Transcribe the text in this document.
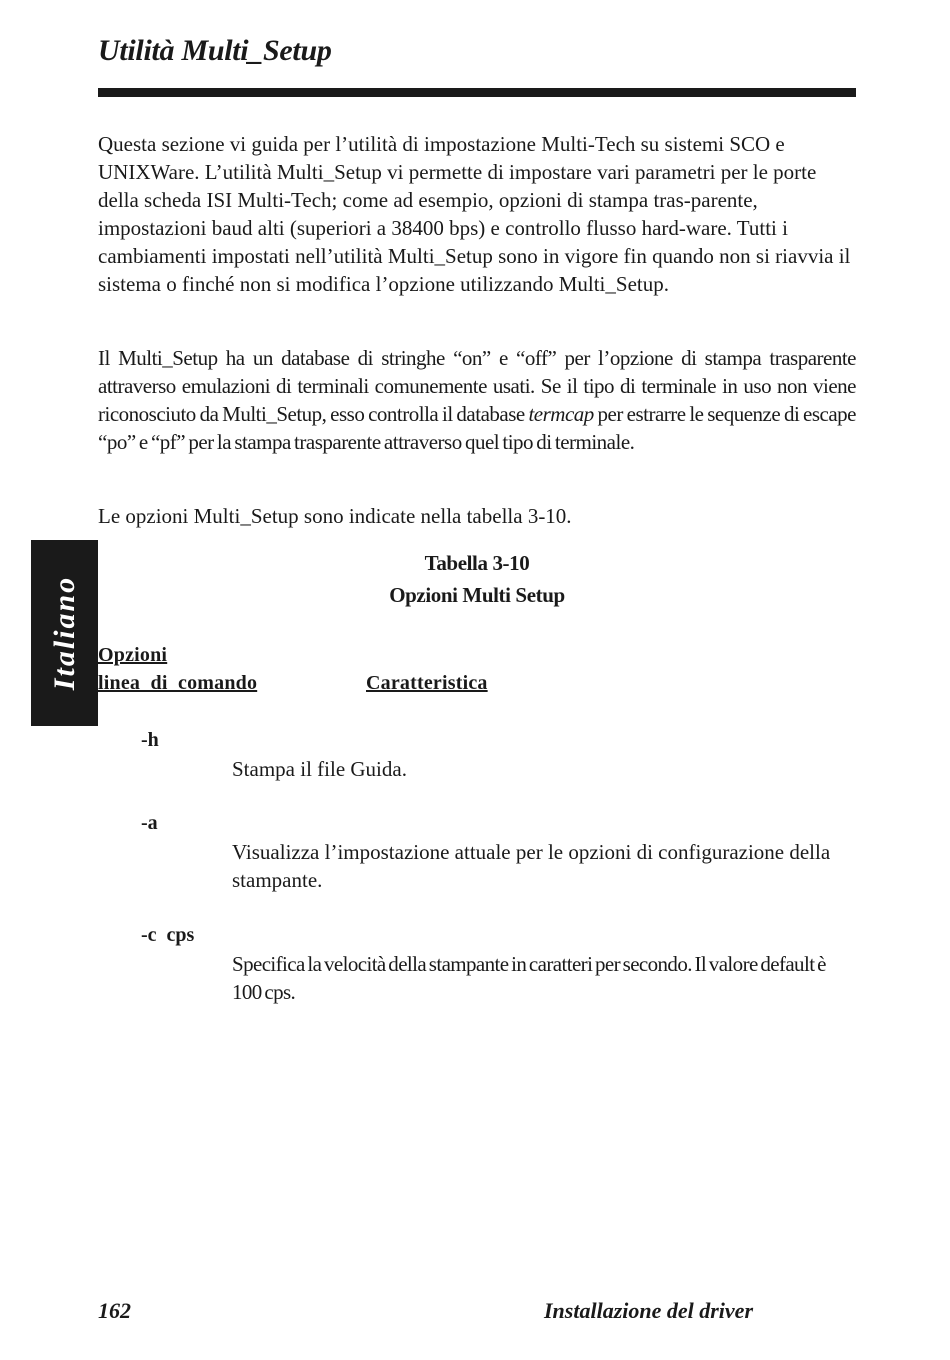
Utilità Multi_Setup

Questa sezione vi guida per l’utilità di impostazione Multi-Tech su sistemi SCO e UNIXWare. L’utilità Multi_Setup vi permette di impostare vari parametri per le porte della scheda ISI Multi-Tech; come ad esempio, opzioni di stampa tras-parente, impostazioni baud alti (superiori a 38400 bps) e controllo flusso hard-ware. Tutti i cambiamenti impostati nell’utilità Multi_Setup sono in vigore fin quando non si riavvia il sistema o finché non si modifica l’opzione utilizzando Multi_Setup.

Il Multi_Setup ha un database di stringhe “on” e “off” per l’opzione di stampa trasparente attraverso emulazioni di terminali comunemente usati. Se il tipo di terminale in uso non viene riconosciuto da Multi_Setup, esso controlla il database termcap per estrarre le sequenze di escape “po” e “pf” per la stampa trasparente attraverso quel tipo di terminale.

Le opzioni Multi_Setup sono indicate nella tabella 3-10.

Italiano
Tabella 3-10
Opzioni Multi Setup
Opzioni
linea  di  comando	Caratteristica
-h
Stampa il file Guida.
-a
Visualizza l’impostazione attuale per le opzioni di configurazione della stampante.
-c  cps
Specifica la velocità della stampante in caratteri per secondo. Il valore default è 100 cps.
162	Installazione del driver
